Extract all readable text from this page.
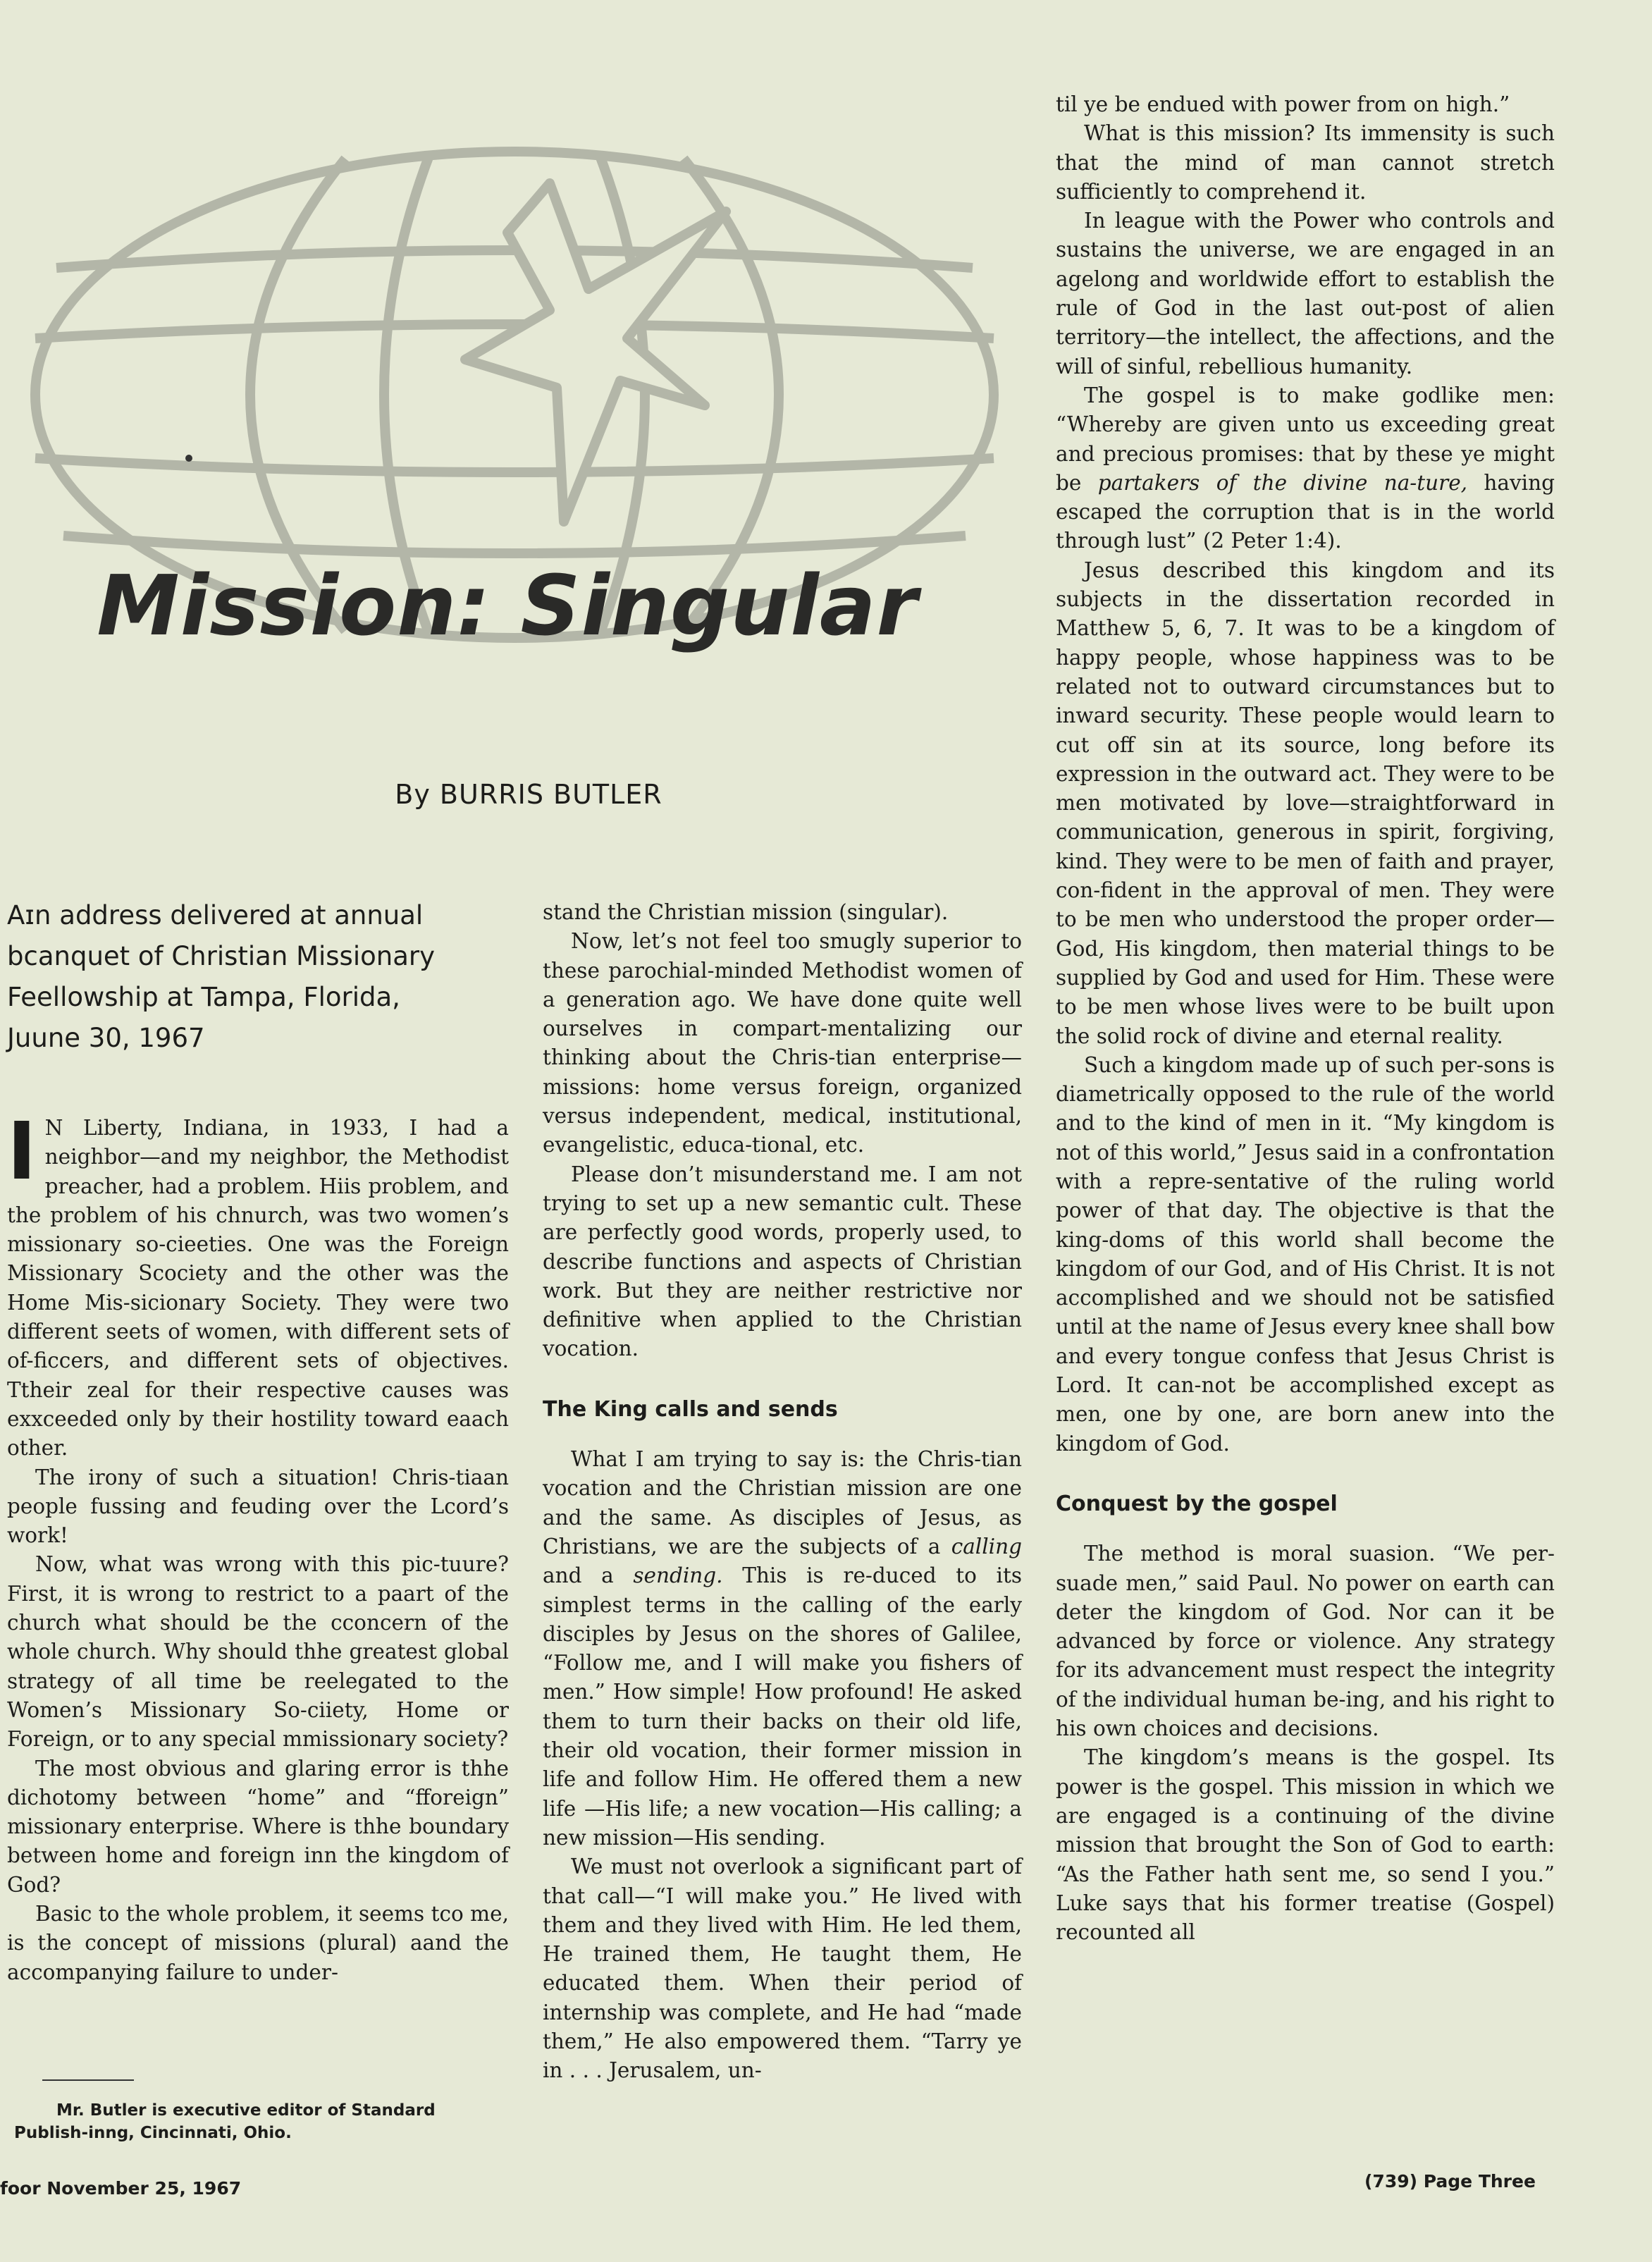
Mission: Singular
By BURRIS BUTLER
Aɪn address delivered at annual
bcanquet of Christian Missionary
Feellowship at Tampa, Florida,
Juune 30, 1967

I N Liberty, Indiana, in 1933, I had a neighbor—and my neighbor, the Methodist preacher, had a problem. Hiis problem, and the problem of his chnurch, was two women’s missionary so-cieeties. One was the Foreign Missionary Scociety and the other was the Home Mis-sicionary Society. They were two different seets of women, with different sets of of-ficcers, and different sets of objectives. Ttheir zeal for their respective causes was exxceeded only by their hostility toward eaach other.

The irony of such a situation! Chris-tiaan people fussing and feuding over the Lcord’s work!

Now, what was wrong with this pic-tuure? First, it is wrong to restrict to a paart of the church what should be the cconcern of the whole church. Why should thhe greatest global strategy of all time be reelegated to the Women’s Missionary So-ciiety, Home or Foreign, or to any special mmissionary society?

The most obvious and glaring error is thhe dichotomy between “home” and “fforeign” missionary enterprise. Where is thhe boundary between home and foreign inn the kingdom of God?

Basic to the whole problem, it seems tco me, is the concept of missions (plural) aand the accompanying failure to under-

stand the Christian mission (singular).

Now, let’s not feel too smugly superior to these parochial-minded Methodist women of a generation ago. We have done quite well ourselves in compart-mentalizing our thinking about the Chris-tian enterprise—missions: home versus foreign, organized versus independent, medical, institutional, evangelistic, educa-tional, etc.

Please don’t misunderstand me. I am not trying to set up a new semantic cult. These are perfectly good words, properly used, to describe functions and aspects of Christian work. But they are neither restrictive nor definitive when applied to the Christian vocation.

The King calls and sends

What I am trying to say is: the Chris-tian vocation and the Christian mission are one and the same. As disciples of Jesus, as Christians, we are the subjects of a calling and a sending. This is re-duced to its simplest terms in the calling of the early disciples by Jesus on the shores of Galilee, “Follow me, and I will make you fishers of men.” How simple! How profound! He asked them to turn their backs on their old life, their old vocation, their former mission in life and follow Him. He offered them a new life —His life; a new vocation—His calling; a new mission—His sending.

We must not overlook a significant part of that call—“I will make you.” He lived with them and they lived with Him. He led them, He trained them, He taught them, He educated them. When their period of internship was complete, and He had “made them,” He also empowered them. “Tarry ye in . . . Jerusalem, un-

til ye be endued with power from on high.”

What is this mission? Its immensity is such that the mind of man cannot stretch sufficiently to comprehend it.

In league with the Power who controls and sustains the universe, we are engaged in an agelong and worldwide effort to establish the rule of God in the last out-post of alien territory—the intellect, the affections, and the will of sinful, rebellious humanity.

The gospel is to make godlike men: “Whereby are given unto us exceeding great and precious promises: that by these ye might be partakers of the divine na-ture, having escaped the corruption that is in the world through lust” (2 Peter 1:4).

Jesus described this kingdom and its subjects in the dissertation recorded in Matthew 5, 6, 7. It was to be a kingdom of happy people, whose happiness was to be related not to outward circumstances but to inward security. These people would learn to cut off sin at its source, long before its expression in the outward act. They were to be men motivated by love—straightforward in communication, generous in spirit, forgiving, kind. They were to be men of faith and prayer, con-fident in the approval of men. They were to be men who understood the proper order—God, His kingdom, then material things to be supplied by God and used for Him. These were to be men whose lives were to be built upon the solid rock of divine and eternal reality.

Such a kingdom made up of such per-sons is diametrically opposed to the rule of the world and to the kind of men in it. “My kingdom is not of this world,” Jesus said in a confrontation with a repre-sentative of the ruling world power of that day. The objective is that the king-doms of this world shall become the kingdom of our God, and of His Christ. It is not accomplished and we should not be satisfied until at the name of Jesus every knee shall bow and every tongue confess that Jesus Christ is Lord. It can-not be accomplished except as men, one by one, are born anew into the kingdom of God.

Conquest by the gospel

The method is moral suasion. “We per-suade men,” said Paul. No power on earth can deter the kingdom of God. Nor can it be advanced by force or violence. Any strategy for its advancement must respect the integrity of the individual human be-ing, and his right to his own choices and decisions.

The kingdom’s means is the gospel. Its power is the gospel. This mission in which we are engaged is a continuing of the divine mission that brought the Son of God to earth: “As the Father hath sent me, so send I you.” Luke says that his former treatise (Gospel) recounted all

Mr. Butler is executive editor of Standard Publish-inng, Cincinnati, Ohio.
foor November 25, 1967	(739) Page Three
